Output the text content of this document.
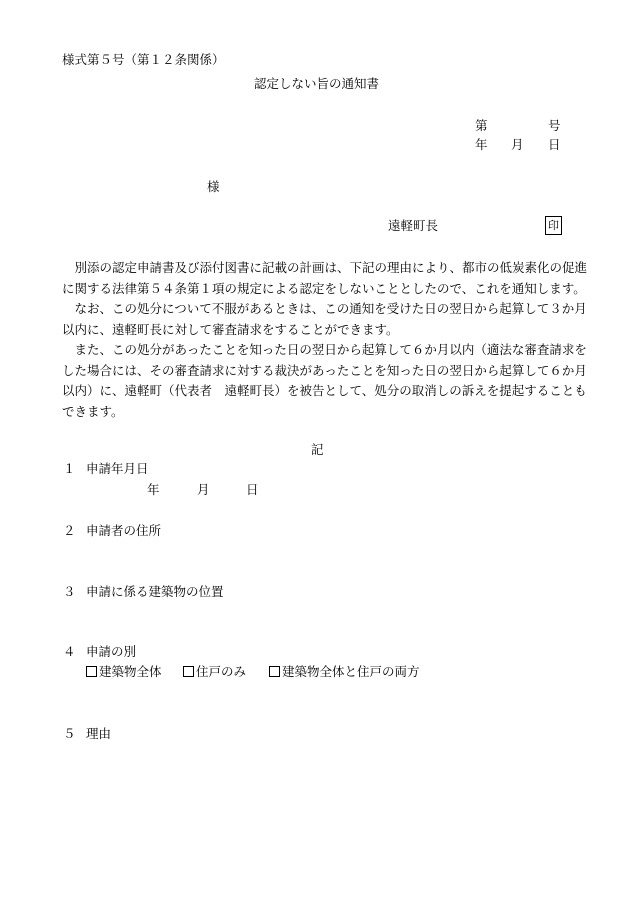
様式第５号（第１２条関係）
認定しない旨の通知書
第	号
年 月 日
様
遠軽町長	印
　別添の認定申請書及び添付図書に記載の計画は、下記の理由により、都市の低炭素化の促進
に関する法律第５４条第１項の規定による認定をしないこととしたので、これを通知します。
　なお、この処分について不服があるときは、この通知を受けた日の翌日から起算して３か月
以内に、遠軽町長に対して審査請求をすることができます。
　また、この処分があったことを知った日の翌日から起算して６か月以内（適法な審査請求を
した場合には、その審査請求に対する裁決があったことを知った日の翌日から起算して６か月
以内）に、遠軽町（代表者　遠軽町長）を被告として、処分の取消しの訴えを提起することも
できます。
記
１ 申請年月日
年	月	日
２ 申請者の住所
３ 申請に係る建築物の位置
４ 申請の別
建築物全体	住戸のみ	建築物全体と住戸の両方
５ 理由
